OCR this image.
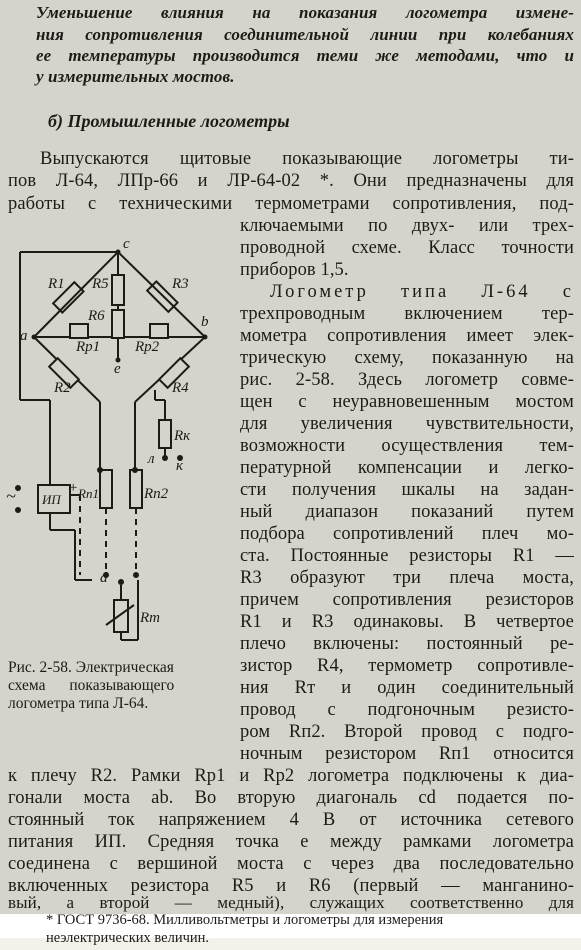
Уменьшение влияния на показания логометра измене-
ния сопротивления соединительной линии при колебаниях
ее температуры производится теми же методами, что и
у измерительных мостов.
б) Промышленные логометры
Выпускаются щитовые показывающие логометры ти-
пов Л-64, ЛПр-66 и ЛР-64-02 *. Они предназначены для
работы с техническими термометрами сопротивления, под-
ключаемыми по двух- или трех-
проводной схеме. Класс точности
приборов 1,5.
Логометр типа Л-64 с
трехпроводным включением тер-
мометра сопротивления имеет элек-
трическую схему, показанную на
рис. 2-58. Здесь логометр совме-
щен с неуравновешенным мостом
для увеличения чувствительности,
возможности осуществления тем-
пературной компенсации и легко-
сти получения шкалы на задан-
ный диапазон показаний путем
подбора сопротивлений плеч мо-
ста. Постоянные резисторы R1 —
R3 образуют три плеча моста,
причем сопротивления резисторов
R1 и R3 одинаковы. В четвертое
плечо включены: постоянный ре-
зистор R4, термометр сопротивле-
ния Rт и один соединительный
провод с подгоночным резисто-
ром Rп2. Второй провод с подго-
ночным резистором Rп1 относится
к плечу R2. Рамки Rр1 и Rр2 логометра подключены к диа-
гонали моста ab. Во вторую диагональ cd подается по-
стоянный ток напряжением 4 В от источника сетевого
питания ИП. Средняя точка e между рамками логометра
соединена с вершиной моста c через два последовательно
включенных резистора R5 и R6 (первый — манганино-
вый, а второй — медный), служащих соответственно для
Рис. 2-58. Электрическая
схема показывающего
логометра типа Л-64.
c
a
b
e
d
R1	R3
R5
R6
Rр1 Rр2
R2	R4
Rк
л к
ИП
+
~	Rп1	Rп2
Rт
* ГОСТ 9736-68. Милливольтметры и логометры для измерения
неэлектрических величин.
